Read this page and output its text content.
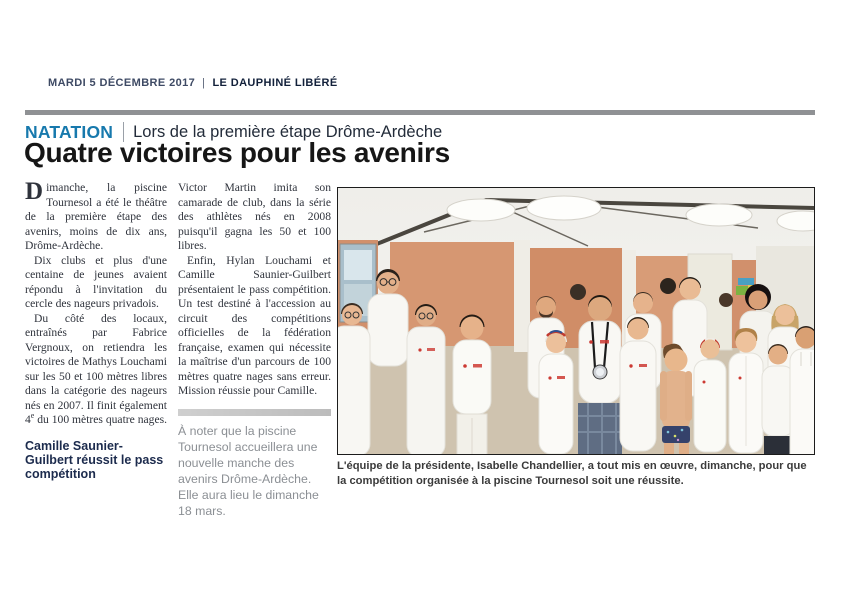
MARDI 5 DÉCEMBRE 2017 | LE DAUPHINÉ LIBÉRÉ
NATATION Lors de la première étape Drôme-Ardèche
Quatre victoires pour les avenirs

Dimanche, la piscine Tournesol a été le théâtre de la première étape des avenirs, moins de dix ans, Drôme-Ardèche.

Dix clubs et plus d'une centaine de jeunes avaient répondu à l'invitation du cercle des nageurs privadois.

Du côté des locaux, entraînés par Fabrice Vergnoux, on retiendra les victoires de Mathys Louchami sur les 50 et 100 mètres libres dans la catégorie des nageurs nés en 2007. Il finit également 4e du 100 mètres quatre nages.

Camille Saunier-Guilbert réussit le pass compétition

Victor Martin imita son camarade de club, dans la série des athlètes nés en 2008 puisqu'il gagna les 50 et 100 libres.

Enfin, Hylan Louchami et Camille Saunier-Guilbert présentaient le pass compétition. Un test destiné à l'accession au circuit des compétitions officielles de la fédération française, examen qui nécessite la maîtrise d'un parcours de 100 mètres quatre nages sans erreur. Mission réussie pour Camille.

À noter que la piscine Tournesol accueillera une nouvelle manche des avenirs Drôme-Ardèche. Elle aura lieu le dimanche 18 mars.

L'équipe de la présidente, Isabelle Chandellier, a tout mis en œuvre, dimanche, pour que la compétition organisée à la piscine Tournesol soit une réussite.
